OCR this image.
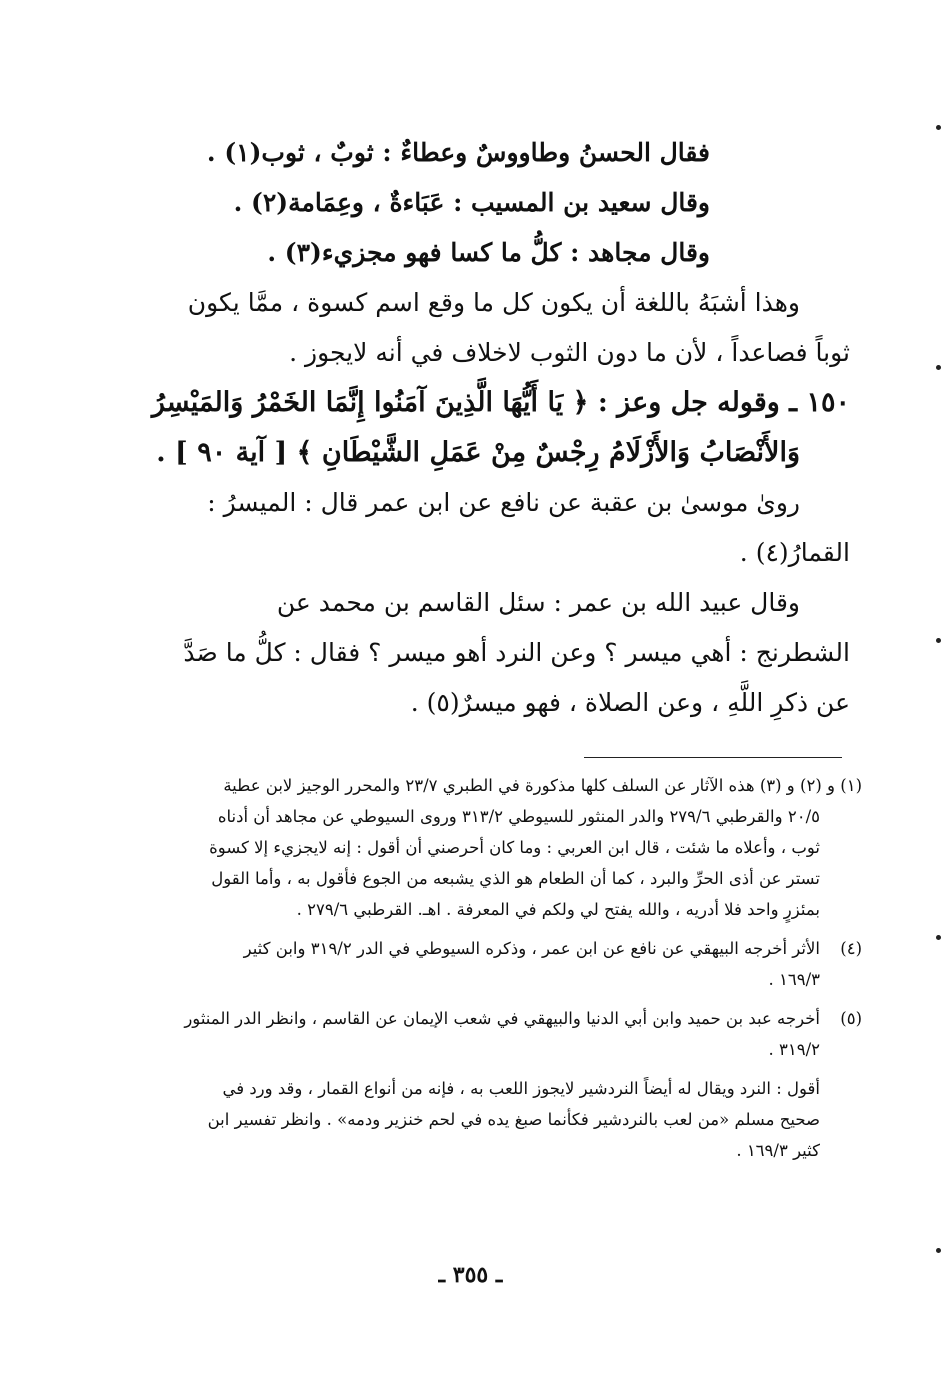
فقال الحسنُ وطاووسٌ وعطاءٌ : ثوبٌ ، ثوب(١) .

وقال سعيد بن المسيب : عَبَاءةٌ ، وعِمَامة(٢) .

وقال مجاهد : كلُّ ما كسا فهو مجزيء(٣) .

وهذا أشبَهُ باللغة أن يكون كل ما وقع اسم كسوة ، ممَّا يكون

ثوباً فصاعداً ، لأن ما دون الثوب لاخلاف في أنه لايجوز .

١٥٠ ـ وقوله جل وعز : ﴿ يَا أَيُّهَا الَّذِينَ آمَنُوا إِنَّمَا الخَمْرُ وَالمَيْسِرُ

وَالأَنْصَابُ وَالأَزْلَامُ رِجْسٌ مِنْ عَمَلِ الشَّيْطَانِ ﴾ [ آية ٩٠ ] .

روىٰ موسىٰ بن عقبة عن نافع عن ابن عمر قال : الميسرُ :

القمارُ(٤) .

وقال عبيد الله بن عمر : سئل القاسم بن محمد عن

الشطرنج : أهي ميسر ؟ وعن النرد أهو ميسر ؟ فقال : كلُّ ما صَدَّ

عن ذكرِ اللَّهِ ، وعن الصلاة ، فهو ميسرٌ(٥) .

(١) و (٢) و (٣) هذه الآثار عن السلف كلها مذكورة في الطبري ٢٣/٧ والمحرر الوجيز لابن عطية

٢٠/٥ والقرطبي ٢٧٩/٦ والدر المنثور للسيوطي ٣١٣/٢ وروى السيوطي عن مجاهد أن أدناه

ثوب ، وأعلاه ما شئت ، قال ابن العربي : وما كان أحرصني أن أقول : إنه لايجزيء إلا كسوة

تستر عن أذى الحرِّ والبرد ، كما أن الطعام هو الذي يشبعه من الجوع فأقول به ، وأما القول

بمئزرٍ واحد فلا أدريه ، والله يفتح لي ولكم في المعرفة . اهـ. القرطبي ٢٧٩/٦ .

(٤)الأثر أخرجه البيهقي عن نافع عن ابن عمر ، وذكره السيوطي في الدر ٣١٩/٢ وابن كثير

١٦٩/٣ .

(٥)أخرجه عبد بن حميد وابن أبي الدنيا والبيهقي في شعب الإيمان عن القاسم ، وانظر الدر المنثور

٣١٩/٢ .

أقول : النرد ويقال له أيضاً النردشير لايجوز اللعب به ، فإنه من أنواع القمار ، وقد ورد في

صحيح مسلم «من لعب بالنردشير فكأنما صبغ يده في لحم خنزير ودمه» . وانظر تفسير ابن

كثير ١٦٩/٣ .

ـ ٣٥٥ ـ
